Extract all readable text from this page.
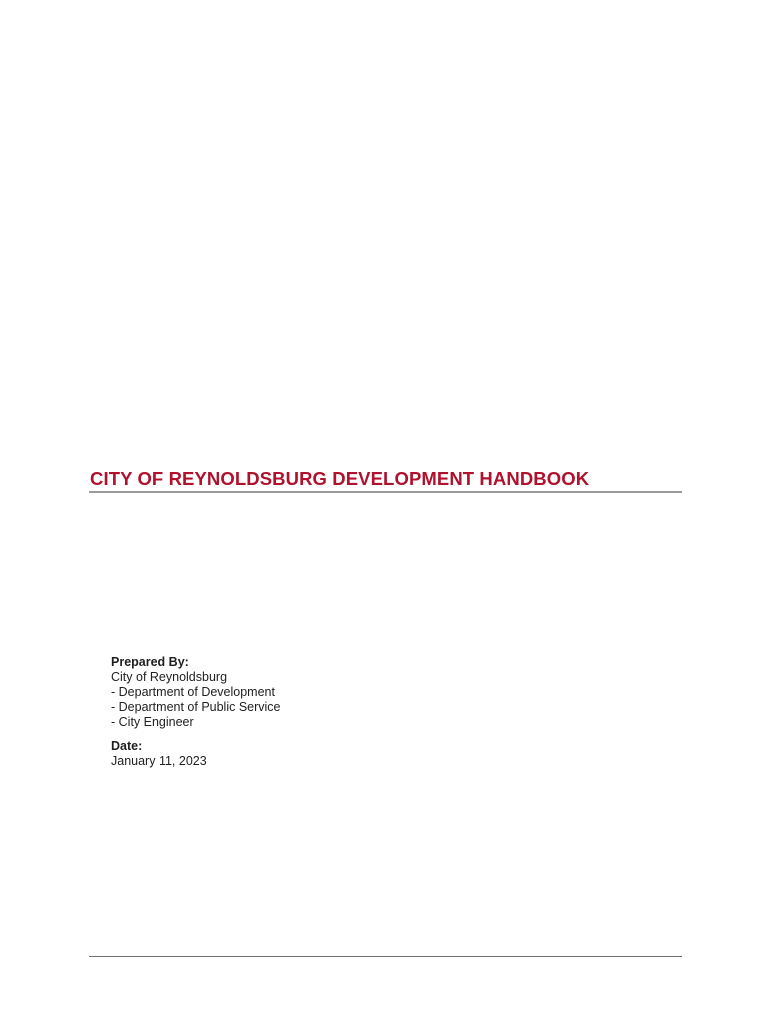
CITY OF REYNOLDSBURG DEVELOPMENT HANDBOOK
Prepared By:
City of Reynoldsburg
- Department of Development
- Department of Public Service
- City Engineer
Date:
January 11, 2023
